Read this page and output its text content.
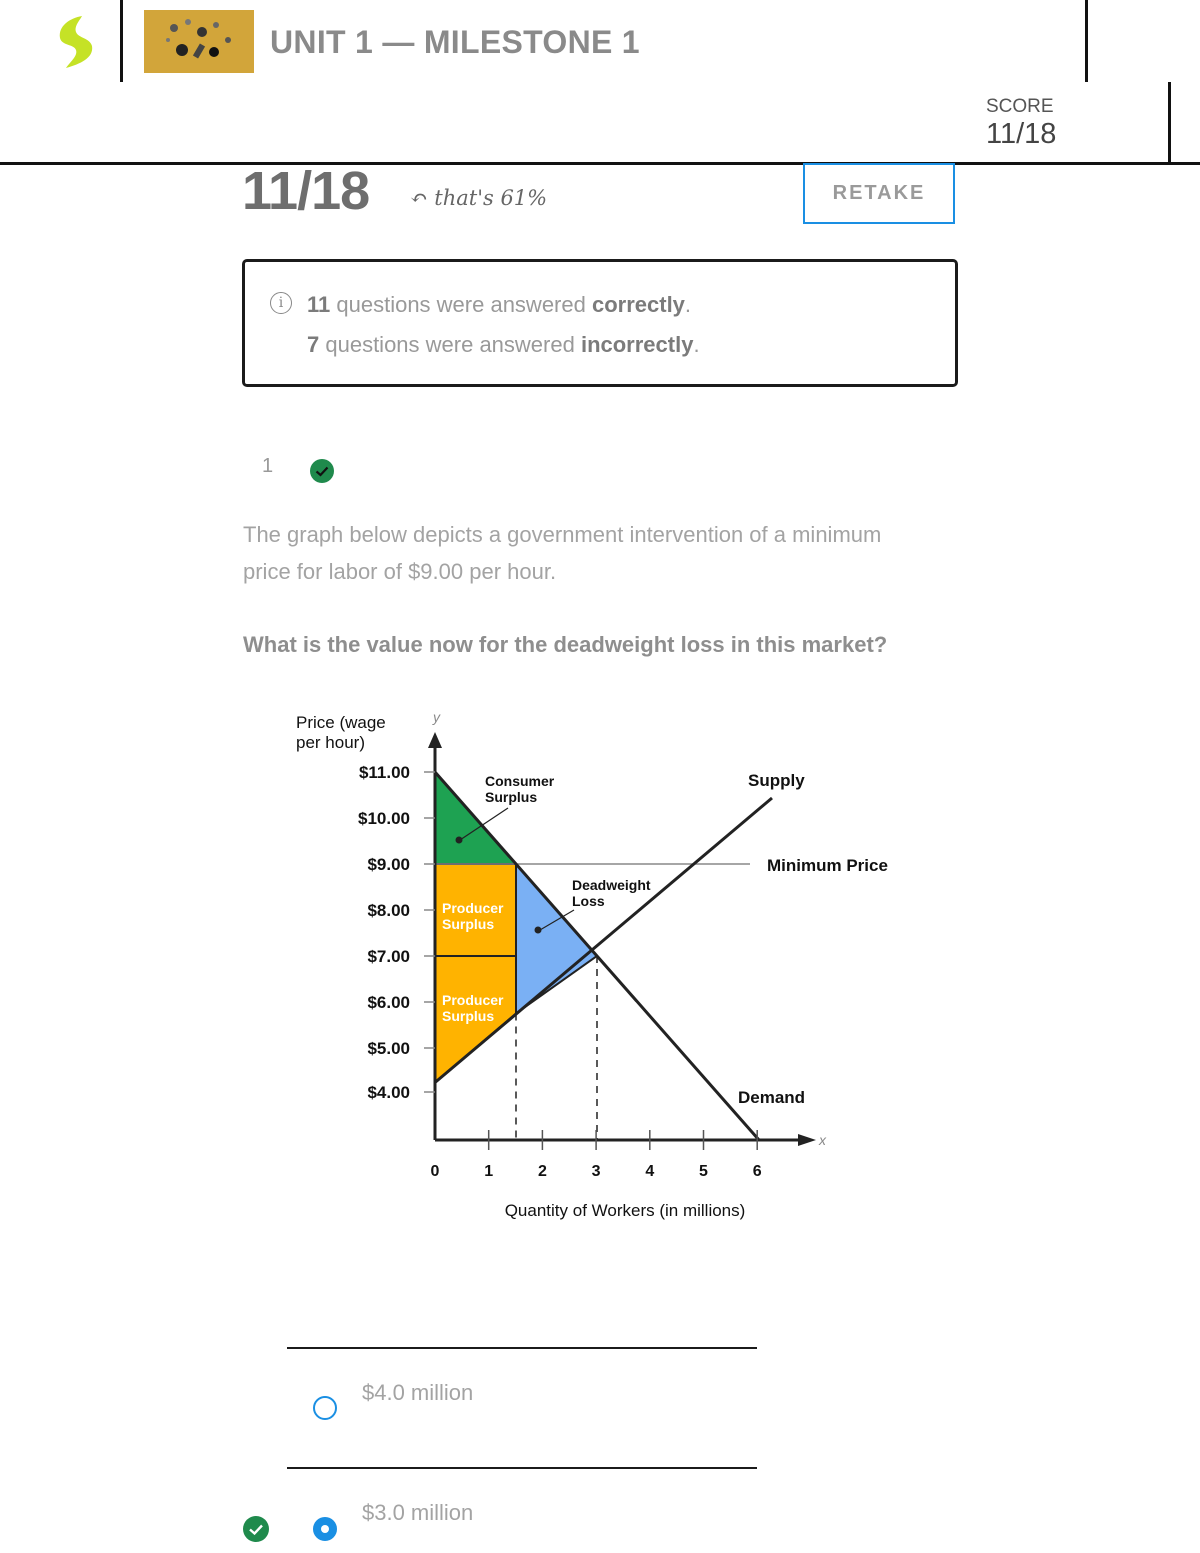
UNIT 1 — MILESTONE 1
SCORE
11/18
11/18 ↶ that's 61%	RETAKE
i	11 questions were answered correctly.
7 questions were answered incorrectly.
1
The graph below depicts a government intervention of a minimum price for labor of $9.00 per hour.
What is the value now for the deadweight loss in this market?
y
x
$11.00
$10.00
$9.00
$8.00
$7.00
$6.00
$5.00
$4.00
0	1	2	3	4	5	6
Price (wage
per hour)
Quantity of Workers (in millions)
Supply
Minimum Price
Demand
Consumer
Surplus
Producer
Surplus
Producer
Surplus
Deadweight
Loss
$4.0 million
$3.0 million
